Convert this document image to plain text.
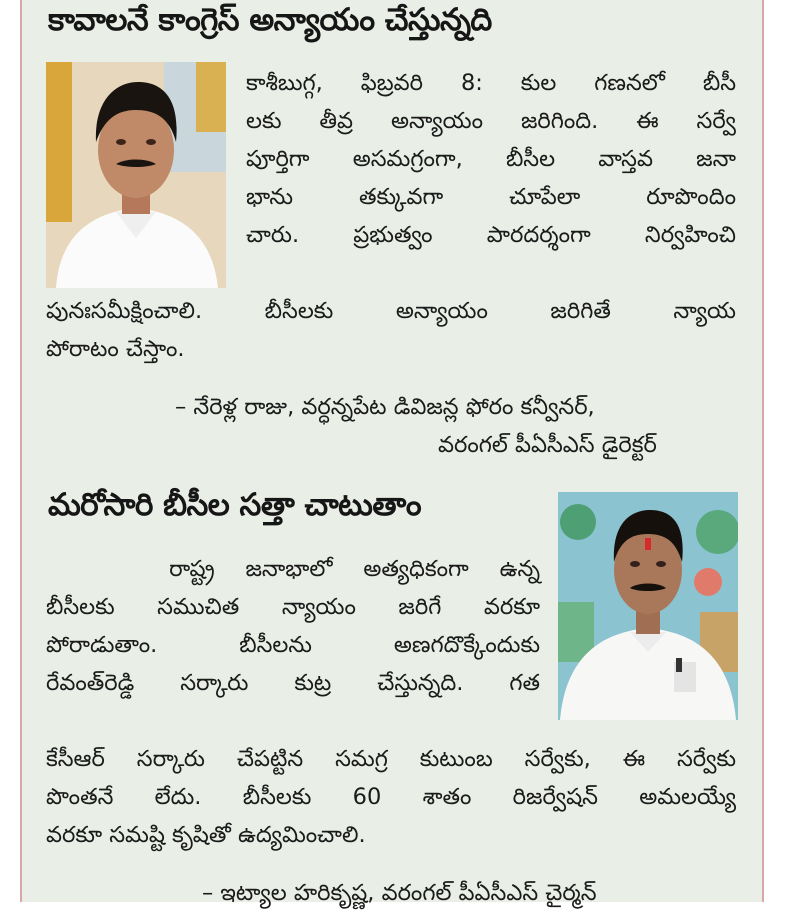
కావాలనే కాంగ్రెస్‌ అన్యాయం చేస్తున్నది
కాశీబుగ్గ, ఫిబ్రవరి 8: కుల గణనలో బీసీ
లకు తీవ్ర అన్యాయం జరిగింది. ఈ సర్వే
పూర్తిగా అసమగ్రంగా, బీసీల వాస్తవ జనా
భాను తక్కువగా చూపేలా రూపొందిం
చారు. ప్రభుత్వం పారదర్శంగా నిర్వహించి
పునఃసమీక్షించాలి. బీసీలకు అన్యాయం జరిగితే న్యాయ
పోరాటం చేస్తాం.

– నేరెళ్ల రాజు, వర్ధన్నపేట డివిజన్ల ఫోరం కన్వీనర్‌,

వరంగల్‌ పీఏసీఎస్‌ డైరెక్టర్‌

మరోసారి బీసీల సత్తా చాటుతాం
రాష్ట్ర జనాభాలో అత్యధికంగా ఉన్న
బీసీలకు సముచిత న్యాయం జరిగే వరకూ
పోరాడుతాం. బీసీలను అణగదొక్కేందుకు
రేవంత్‌రెడ్డి సర్కారు కుట్ర చేస్తున్నది. గత
కేసీఆర్‌ సర్కారు చేపట్టిన సమగ్ర కుటుంబ సర్వేకు, ఈ సర్వేకు
పొంతనే లేదు. బీసీలకు 60 శాతం రిజర్వేషన్‌ అమలయ్యే
వరకూ సమష్టి కృషితో ఉద్యమించాలి.

– ఇట్యాల హరికృష్ణ, వరంగల్‌ పీఏసీఎస్‌ చైర్మన్‌
